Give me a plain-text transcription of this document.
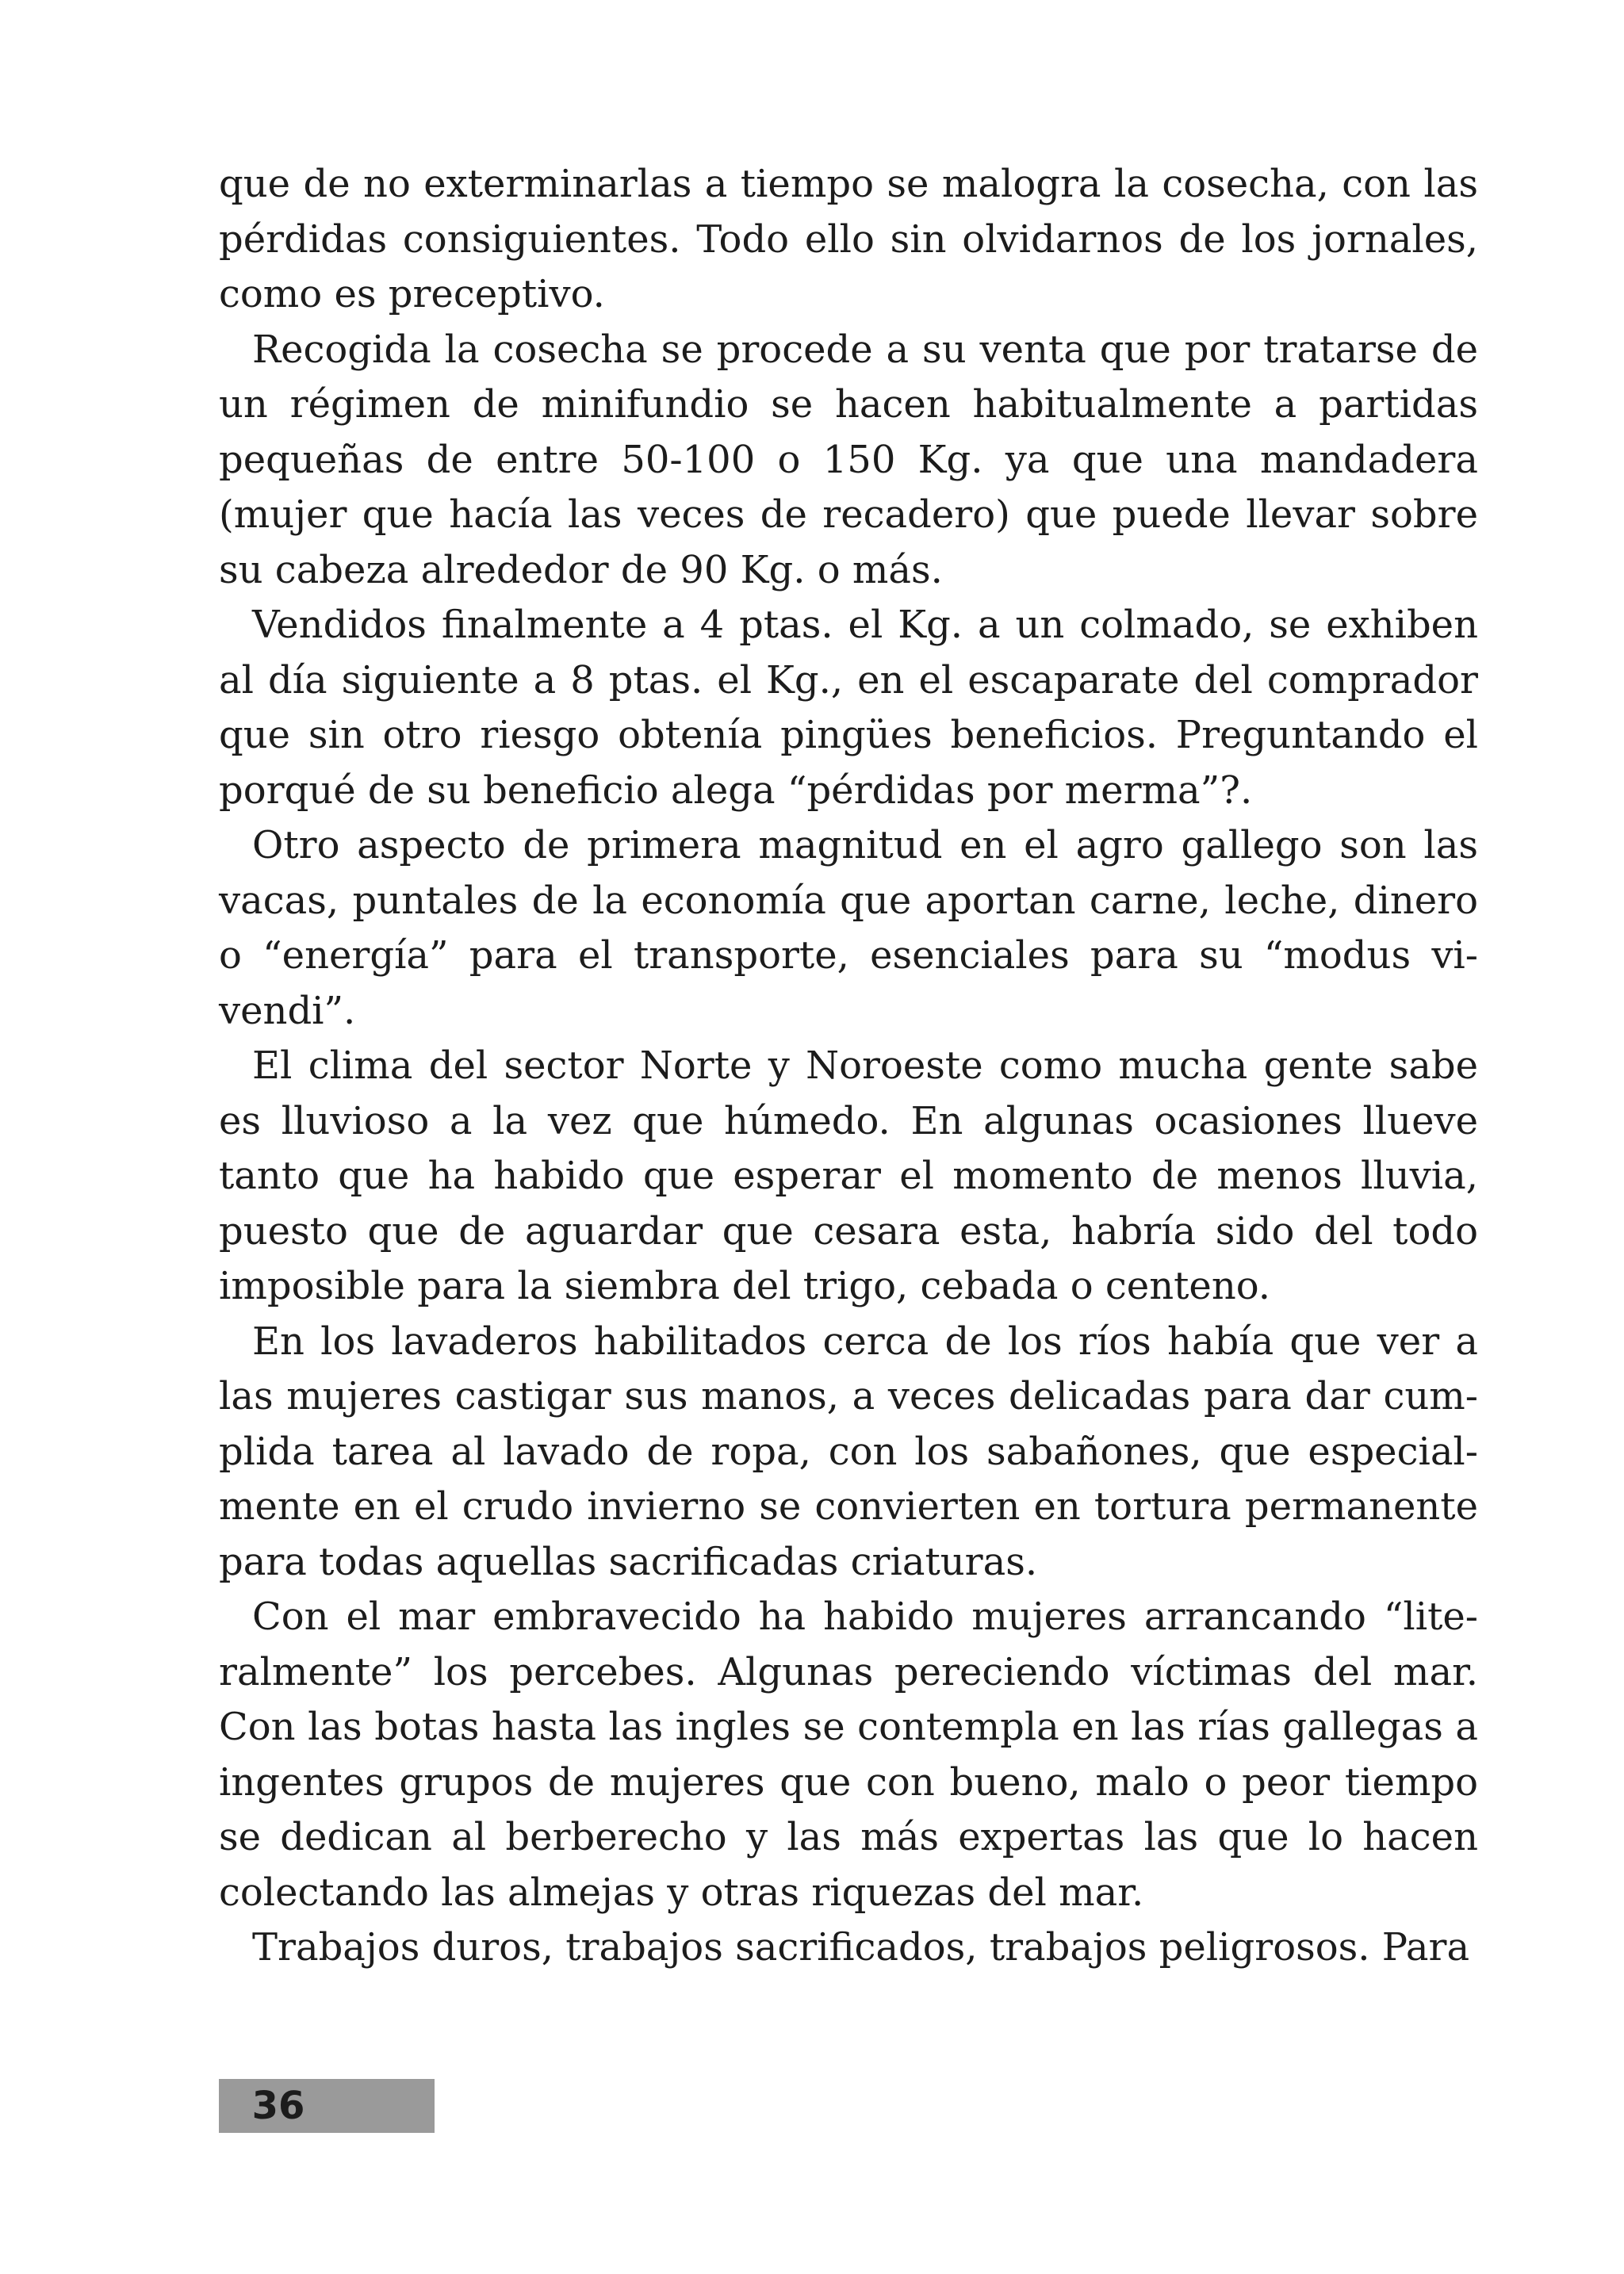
que de no exterminarlas a tiempo se malogra la cosecha, con las pérdidas consiguientes. Todo ello sin olvidarnos de los jornales, como es preceptivo.

Recogida la cosecha se procede a su venta que por tratarse de un régimen de minifundio se hacen habitualmente a partidas pequeñas de entre 50-100 o 150 Kg. ya que una mandadera (mujer que hacía las veces de recadero) que puede llevar sobre su cabeza alrededor de 90 Kg. o más.

Vendidos finalmente a 4 ptas. el Kg. a un colmado, se exhiben al día siguiente a 8 ptas. el Kg., en el escaparate del comprador que sin otro riesgo obtenía pingües beneficios. Preguntando el porqué de su beneficio alega “pérdidas por merma”?.

Otro aspecto de primera magnitud en el agro gallego son las vacas, puntales de la economía que aportan carne, leche, dinero o “energía” para el transporte, esenciales para su “modus vivendi”.

El clima del sector Norte y Noroeste como mucha gente sabe es lluvioso a la vez que húmedo. En algunas ocasiones llueve tanto que ha habido que esperar el momento de menos lluvia, puesto que de aguardar que cesara esta, habría sido del todo imposible para la siembra del trigo, cebada o centeno.

En los lavaderos habilitados cerca de los ríos había que ver a las mujeres castigar sus manos, a veces delicadas para dar cumplida tarea al lavado de ropa, con los sabañones, que especialmente en el crudo invierno se convierten en tortura permanente para todas aquellas sacrificadas criaturas.

Con el mar embravecido ha habido mujeres arrancando “literalmente” los percebes. Algunas pereciendo víctimas del mar. Con las botas hasta las ingles se contempla en las rías gallegas a ingentes grupos de mujeres que con bueno, malo o peor tiempo se dedican al berberecho y las más expertas las que lo hacen colectando las almejas y otras riquezas del mar.

Trabajos duros, trabajos sacrificados, trabajos peligrosos. Para

36
